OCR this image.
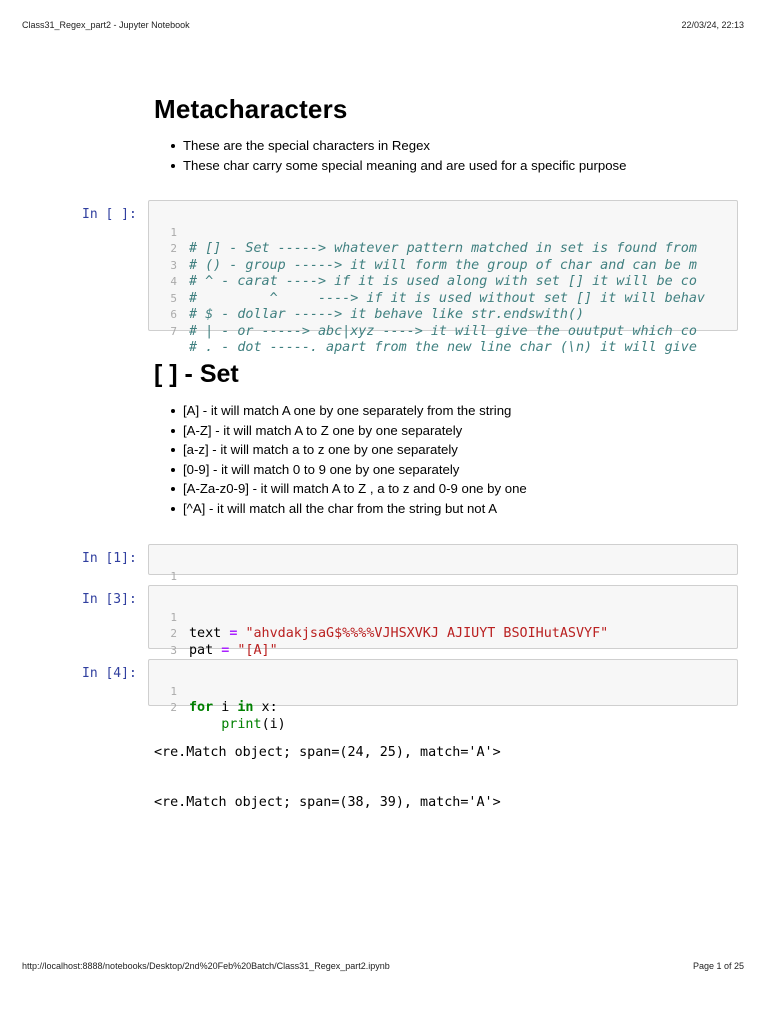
Class31_Regex_part2 - Jupyter Notebook	22/03/24, 22:13
Metacharacters
These are the special characters in Regex
These char carry some special meaning and are used for a specific purpose
In [ ]:

1

# [] - Set -----> whatever pattern matched in set is found from

2

# () - group -----> it will form the group of char and can be m

3

# ^ - carat ----> if it is used along with set [] it will be co

4

#         ^     ----> if it is used without set [] it will behav

5

# $ - dollar -----> it behave like str.endswith()

6

# | - or -----> abc|xyz ----> it will give the ouutput which co

7

# . - dot -----. apart from the new line char (\n) it will give

[ ] - Set
[A] - it will match A one by one separately from the string
[A-Z] - it will match A to Z one by one separately
[a-z] - it will match a to z one by one separately
[0-9] - it will match 0 to 9 one by one separately
[A-Za-z0-9] - it will match A to Z , a to z and 0-9 one by one
[^A] - it will match all the char from the string but not A
In [1]:

1

In [3]:

1

text = "ahvdakjsaG$%%%%VJHSXVKJ AJIUYT BSOIHutASVYF"

2

pat = "[A]"

3

In [4]:

1

for i in x:

2

print(i)

<re.Match object; span=(24, 25), match='A'>

<re.Match object; span=(38, 39), match='A'>

http://localhost:8888/notebooks/Desktop/2nd%20Feb%20Batch/Class31_Regex_part2.ipynb	Page 1 of 25
